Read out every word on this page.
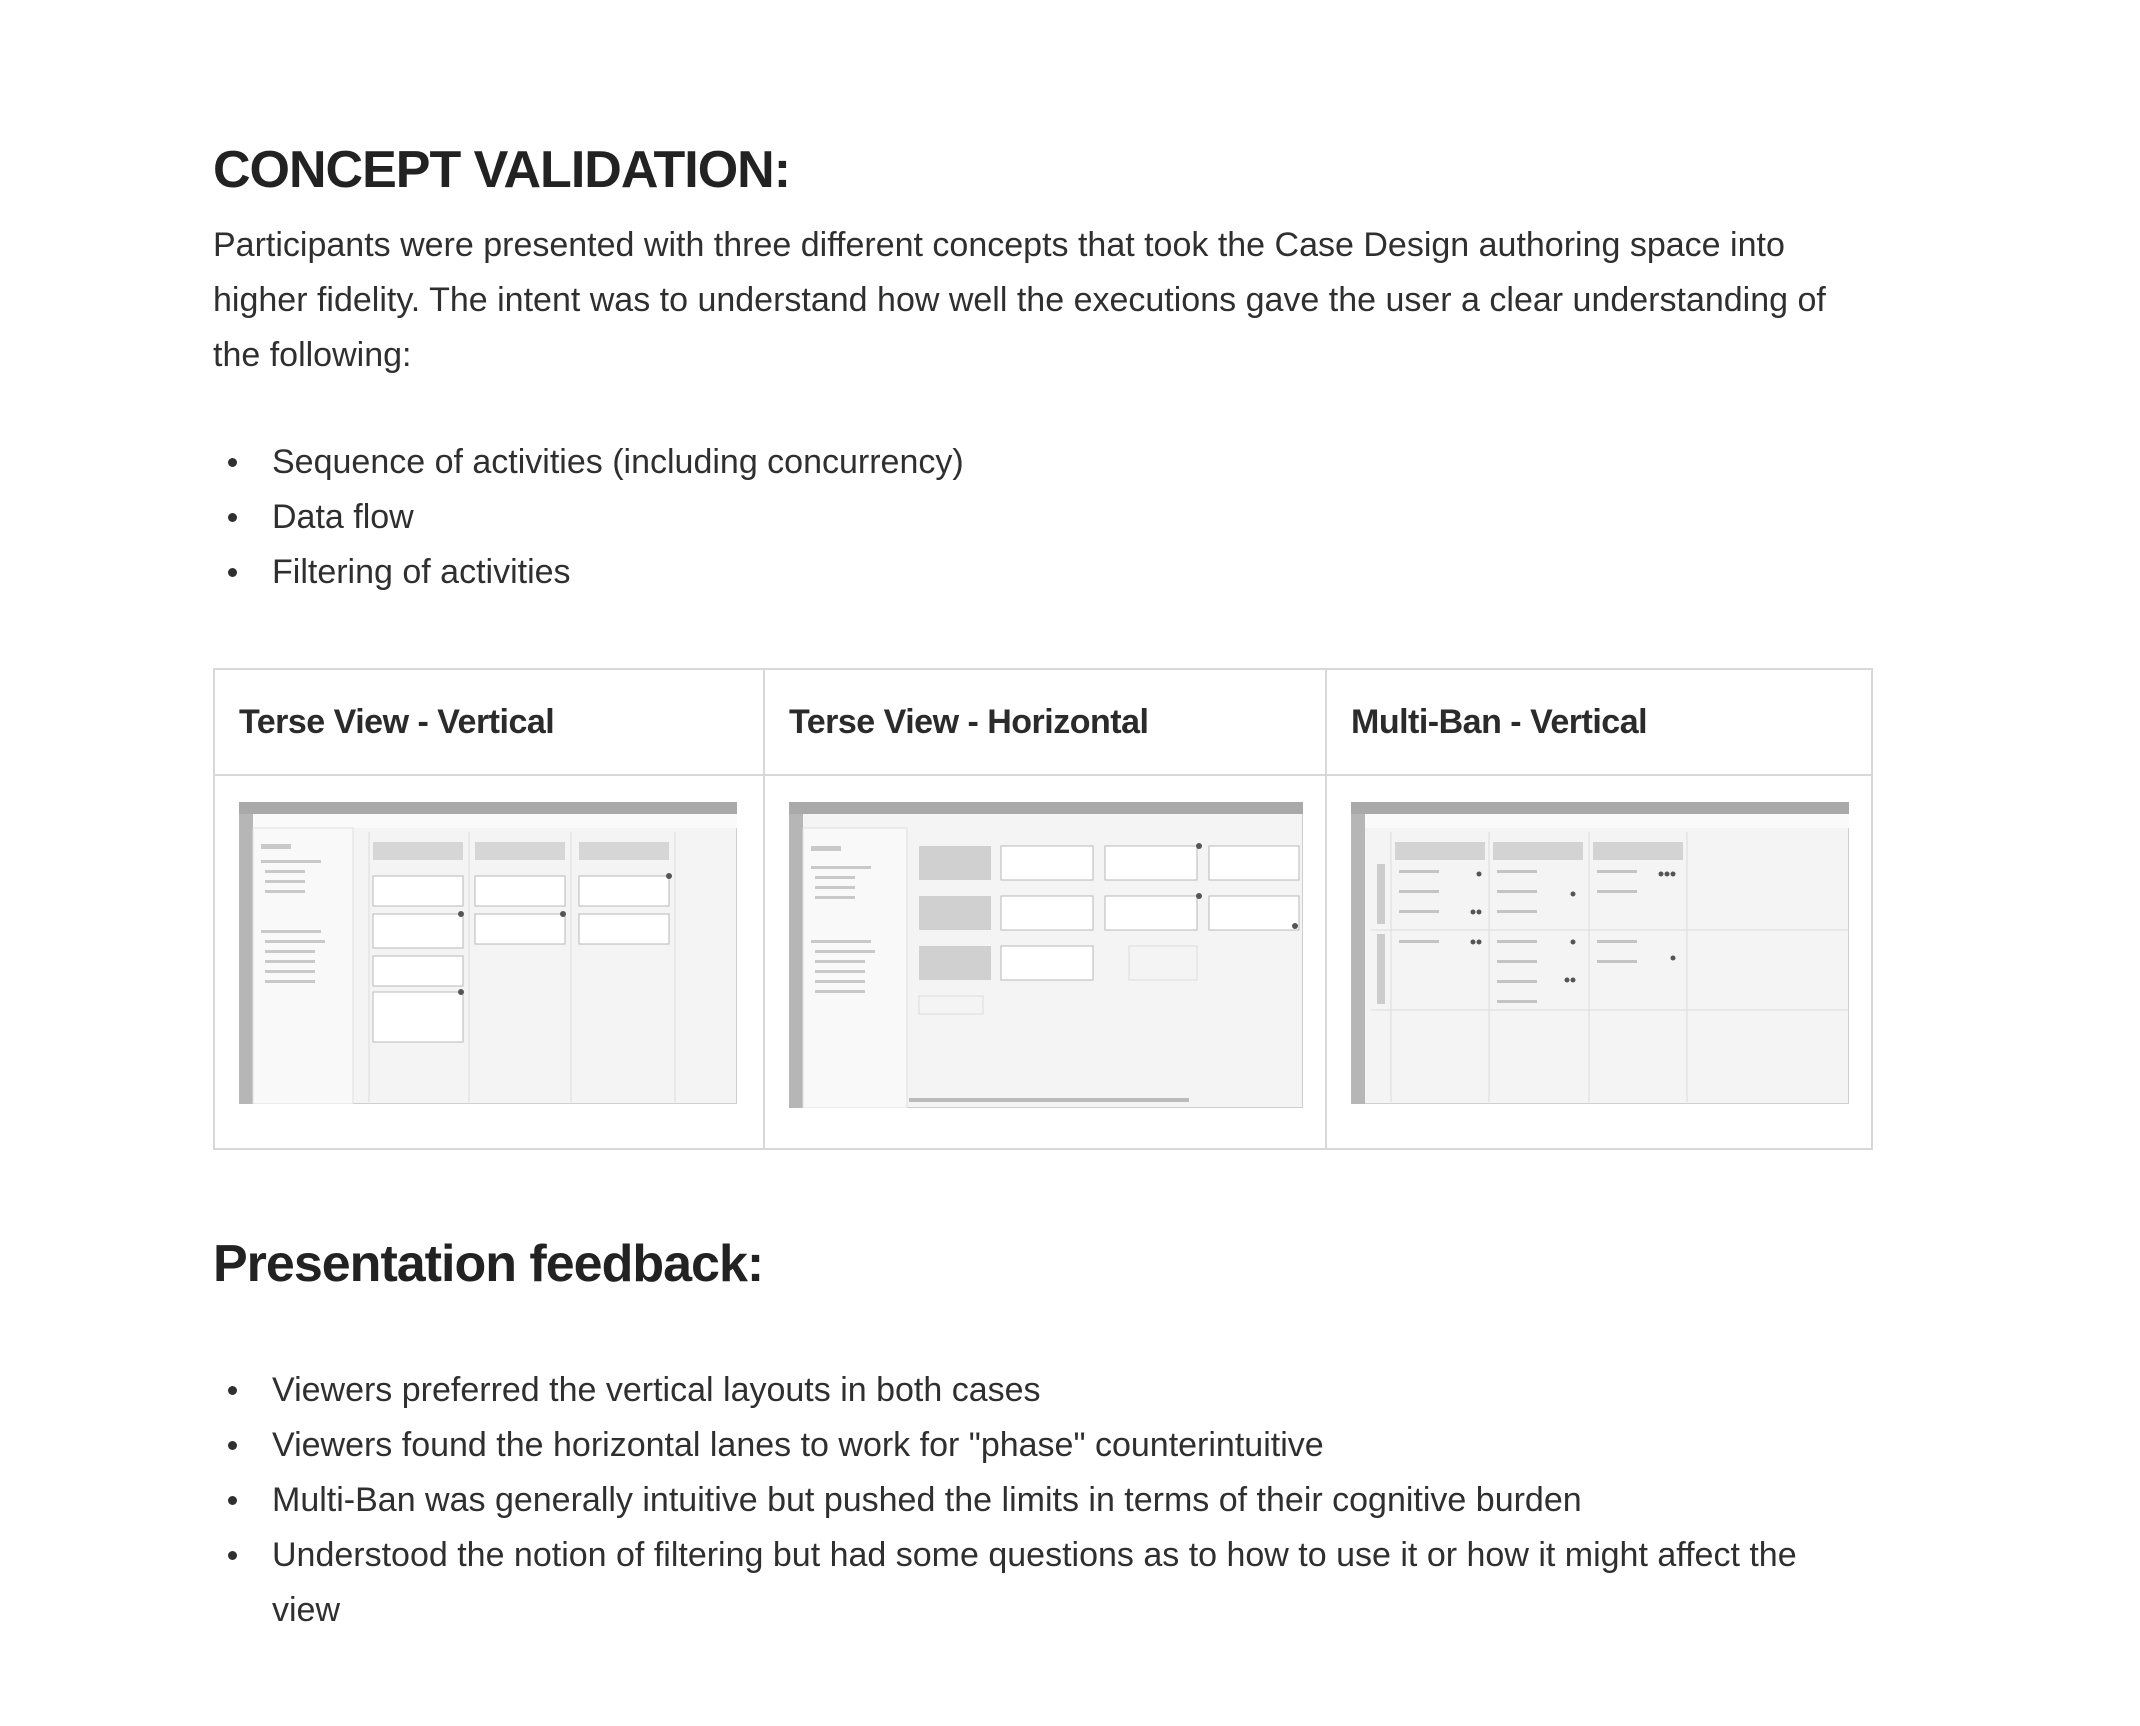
CONCEPT VALIDATION:

Participants were presented with three different concepts that took the Case Design authoring space into higher fidelity. The intent was to understand how well the executions gave the user a clear understanding of the following:

Sequence of activities (including concurrency)
Data flow
Filtering of activities
Terse View - Vertical	Terse View - Horizontal	Multi-Ban - Vertical
Presentation feedback:
Viewers preferred the vertical layouts in both cases
Viewers found the horizontal lanes to work for "phase" counterintuitive
Multi-Ban was generally intuitive but pushed the limits in terms of their cognitive burden
Understood the notion of filtering but had some questions as to how to use it or how it might affect the view
